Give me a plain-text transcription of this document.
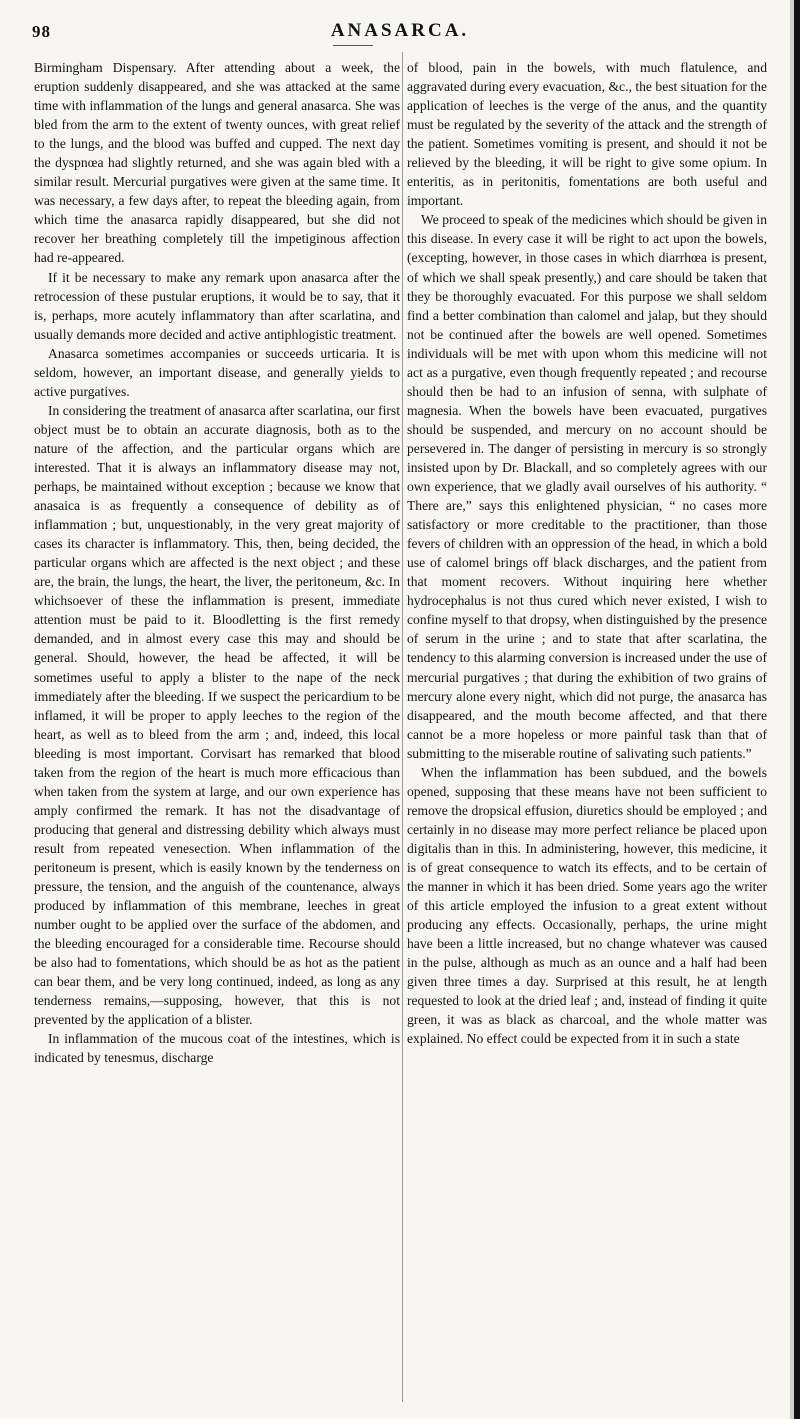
98	ANASARCA.

Birmingham Dispensary. After attending about a week, the eruption suddenly disappeared, and she was attacked at the same time with inflammation of the lungs and general anasarca. She was bled from the arm to the extent of twenty ounces, with great relief to the lungs, and the blood was buffed and cupped. The next day the dyspnœa had slightly returned, and she was again bled with a similar result. Mercurial purgatives were given at the same time. It was necessary, a few days after, to repeat the bleeding again, from which time the anasarca rapidly disappeared, but she did not recover her breathing completely till the impetiginous affection had re-appeared.

If it be necessary to make any remark upon anasarca after the retrocession of these pustular eruptions, it would be to say, that it is, perhaps, more acutely inflammatory than after scarlatina, and usually demands more decided and active antiphlogistic treatment.

Anasarca sometimes accompanies or succeeds urticaria. It is seldom, however, an important disease, and generally yields to active purgatives.

In considering the treatment of anasarca after scarlatina, our first object must be to obtain an accurate diagnosis, both as to the nature of the affection, and the particular organs which are interested. That it is always an inflammatory disease may not, perhaps, be maintained without exception ; because we know that anasaica is as frequently a consequence of debility as of inflammation ; but, unquestionably, in the very great majority of cases its character is inflammatory. This, then, being decided, the particular organs which are affected is the next object ; and these are, the brain, the lungs, the heart, the liver, the peritoneum, &c. In whichsoever of these the inflammation is present, immediate attention must be paid to it. Bloodletting is the first remedy demanded, and in almost every case this may and should be general. Should, however, the head be affected, it will be sometimes useful to apply a blister to the nape of the neck immediately after the bleeding. If we suspect the pericardium to be inflamed, it will be proper to apply leeches to the region of the heart, as well as to bleed from the arm ; and, indeed, this local bleeding is most important. Corvisart has remarked that blood taken from the region of the heart is much more efficacious than when taken from the system at large, and our own experience has amply confirmed the remark. It has not the disadvantage of producing that general and distressing debility which always must result from repeated venesection. When inflammation of the peritoneum is present, which is easily known by the tenderness on pressure, the tension, and the anguish of the countenance, always produced by inflammation of this membrane, leeches in great number ought to be applied over the surface of the abdomen, and the bleeding encouraged for a considerable time. Recourse should be also had to fomentations, which should be as hot as the patient can bear them, and be very long continued, indeed, as long as any tenderness remains,—supposing, however, that this is not prevented by the application of a blister.

In inflammation of the mucous coat of the intestines, which is indicated by tenesmus, discharge

of blood, pain in the bowels, with much flatulence, and aggravated during every evacuation, &c., the best situation for the application of leeches is the verge of the anus, and the quantity must be regulated by the severity of the attack and the strength of the patient. Sometimes vomiting is present, and should it not be relieved by the bleeding, it will be right to give some opium. In enteritis, as in peritonitis, fomentations are both useful and important.

We proceed to speak of the medicines which should be given in this disease. In every case it will be right to act upon the bowels, (excepting, however, in those cases in which diarrhœa is present, of which we shall speak presently,) and care should be taken that they be thoroughly evacuated. For this purpose we shall seldom find a better combination than calomel and jalap, but they should not be continued after the bowels are well opened. Sometimes individuals will be met with upon whom this medicine will not act as a purgative, even though frequently repeated ; and recourse should then be had to an infusion of senna, with sulphate of magnesia. When the bowels have been evacuated, purgatives should be suspended, and mercury on no account should be persevered in. The danger of persisting in mercury is so strongly insisted upon by Dr. Blackall, and so completely agrees with our own experience, that we gladly avail ourselves of his authority. “ There are,” says this enlightened physician, “ no cases more satisfactory or more creditable to the practitioner, than those fevers of children with an oppression of the head, in which a bold use of calomel brings off black discharges, and the patient from that moment recovers. Without inquiring here whether hydrocephalus is not thus cured which never existed, I wish to confine myself to that dropsy, when distinguished by the presence of serum in the urine ; and to state that after scarlatina, the tendency to this alarming conversion is increased under the use of mercurial purgatives ; that during the exhibition of two grains of mercury alone every night, which did not purge, the anasarca has disappeared, and the mouth become affected, and that there cannot be a more hopeless or more painful task than that of submitting to the miserable routine of salivating such patients.”

When the inflammation has been subdued, and the bowels opened, supposing that these means have not been sufficient to remove the dropsical effusion, diuretics should be employed ; and certainly in no disease may more perfect reliance be placed upon digitalis than in this. In administering, however, this medicine, it is of great consequence to watch its effects, and to be certain of the manner in which it has been dried. Some years ago the writer of this article employed the infusion to a great extent without producing any effects. Occasionally, perhaps, the urine might have been a little increased, but no change whatever was caused in the pulse, although as much as an ounce and a half had been given three times a day. Surprised at this result, he at length requested to look at the dried leaf ; and, instead of finding it quite green, it was as black as charcoal, and the whole matter was explained. No effect could be expected from it in such a state
